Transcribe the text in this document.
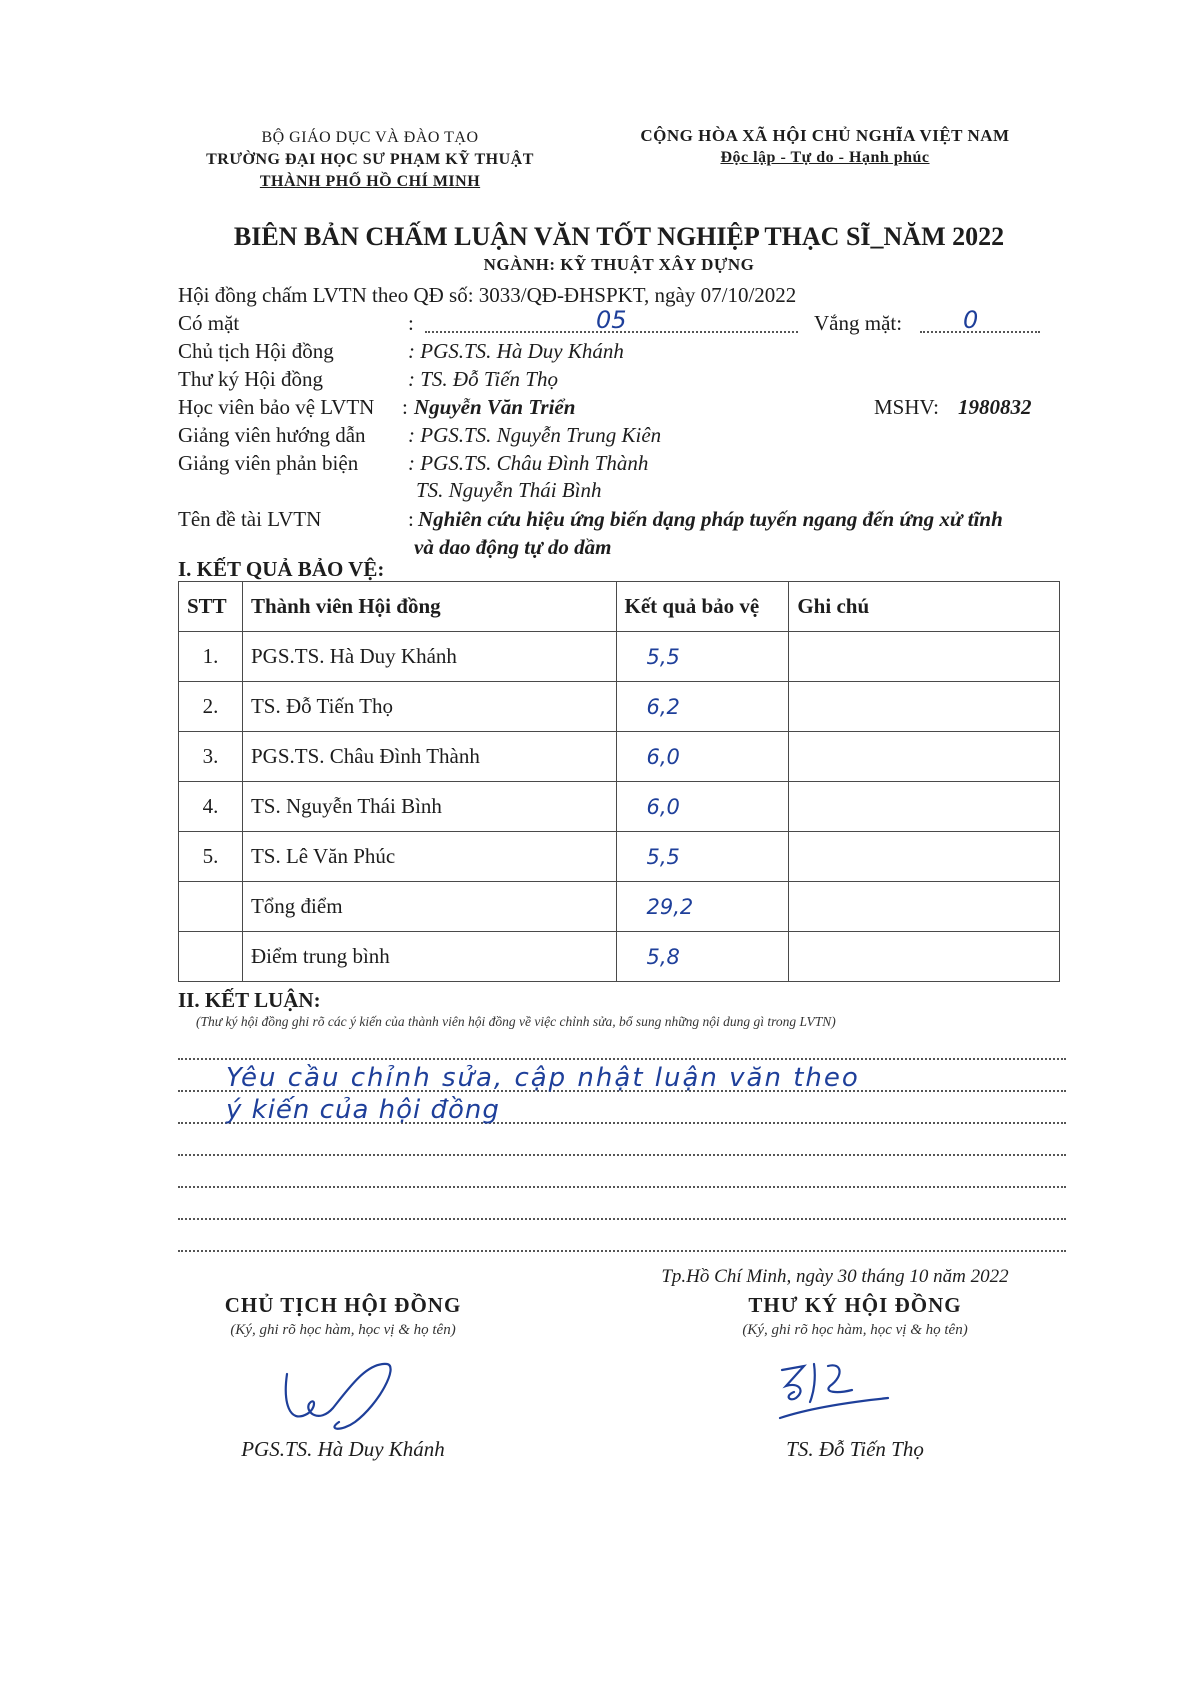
BỘ GIÁO DỤC VÀ ĐÀO TẠO
TRƯỜNG ĐẠI HỌC SƯ PHẠM KỸ THUẬT
THÀNH PHỐ HỒ CHÍ MINH
CỘNG HÒA XÃ HỘI CHỦ NGHĨA VIỆT NAM
Độc lập - Tự do - Hạnh phúc
BIÊN BẢN CHẤM LUẬN VĂN TỐT NGHIỆP THẠC SĨ_NĂM 2022
NGÀNH: KỸ THUẬT XÂY DỰNG
Hội đồng chấm LVTN theo QĐ số: 3033/QĐ-ĐHSPKT, ngày 07/10/2022
Có mặt	:	05	Vắng mặt:	0
Chủ tịch Hội đồng	: PGS.TS. Hà Duy Khánh
Thư ký Hội đồng	: TS. Đỗ Tiến Thọ
Học viên bảo vệ LVTN : Nguyễn Văn Triển	MSHV: 1980832
Giảng viên hướng dẫn : PGS.TS. Nguyễn Trung Kiên
Giảng viên phản biện : PGS.TS. Châu Đình Thành
TS. Nguyễn Thái Bình
Tên đề tài LVTN	: Nghiên cứu hiệu ứng biến dạng pháp tuyến ngang đến ứng xử tĩnh
và dao động tự do dầm
I. KẾT QUẢ BẢO VỆ:
STT	Thành viên Hội đồng	Kết quả bảo vệ	Ghi chú
1.	PGS.TS. Hà Duy Khánh	5,5	
2.	TS. Đỗ Tiến Thọ	6,2	
3.	PGS.TS. Châu Đình Thành	6,0	
4.	TS. Nguyễn Thái Bình	6,0	
5.	TS. Lê Văn Phúc	5,5	
	Tổng điểm	29,2	
	Điểm trung bình	5,8	
II. KẾT LUẬN:
(Thư ký hội đồng ghi rõ các ý kiến của thành viên hội đồng về việc chỉnh sửa, bổ sung những nội dung gì trong LVTN)
Yêu cầu chỉnh sửa, cập nhật luận văn theo
ý kiến của hội đồng
Tp.Hồ Chí Minh, ngày 30 tháng 10 năm 2022
CHỦ TỊCH HỘI ĐỒNG
(Ký, ghi rõ học hàm, học vị & họ tên)
PGS.TS. Hà Duy Khánh
THƯ KÝ HỘI ĐỒNG
(Ký, ghi rõ học hàm, học vị & họ tên)
TS. Đỗ Tiến Thọ
